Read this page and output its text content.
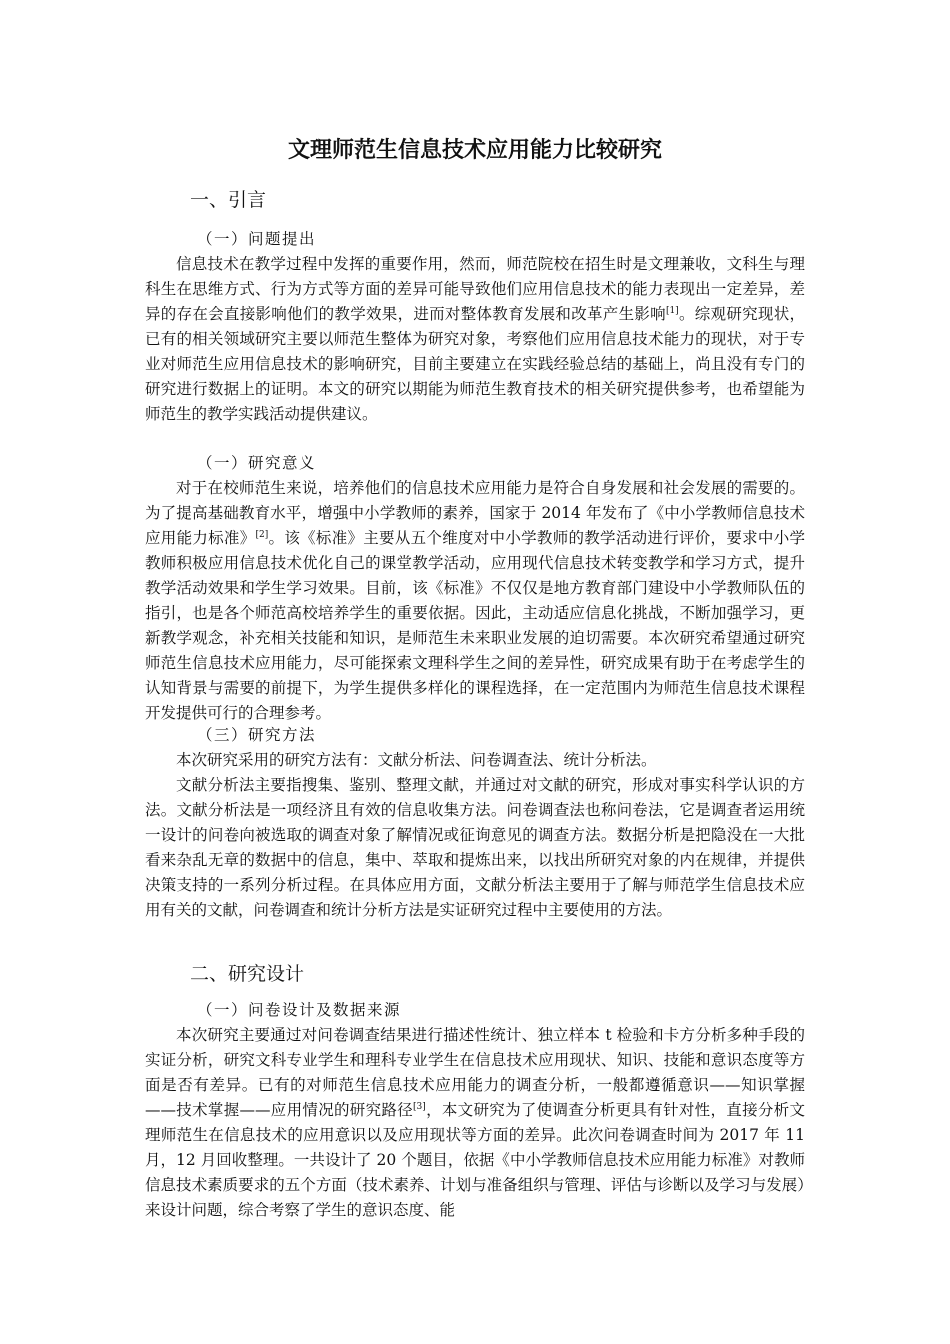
文理师范生信息技术应用能力比较研究
一、引言
（一）问题提出
信息技术在教学过程中发挥的重要作用，然而，师范院校在招生时是文理兼收，文科生与理科生在思维方式、行为方式等方面的差异可能导致他们应用信息技术的能力表现出一定差异，差异的存在会直接影响他们的教学效果，进而对整体教育发展和改革产生影响[1]。综观研究现状，已有的相关领域研究主要以师范生整体为研究对象，考察他们应用信息技术能力的现状，对于专业对师范生应用信息技术的影响研究，目前主要建立在实践经验总结的基础上，尚且没有专门的研究进行数据上的证明。本文的研究以期能为师范生教育技术的相关研究提供参考，也希望能为师范生的教学实践活动提供建议。
（一）研究意义
对于在校师范生来说，培养他们的信息技术应用能力是符合自身发展和社会发展的需要的。为了提高基础教育水平，增强中小学教师的素养，国家于 2014 年发布了《中小学教师信息技术应用能力标准》[2]。该《标准》主要从五个维度对中小学教师的教学活动进行评价，要求中小学教师积极应用信息技术优化自己的课堂教学活动，应用现代信息技术转变教学和学习方式，提升教学活动效果和学生学习效果。目前，该《标准》不仅仅是地方教育部门建设中小学教师队伍的指引，也是各个师范高校培养学生的重要依据。因此，主动适应信息化挑战，不断加强学习，更新教学观念，补充相关技能和知识，是师范生未来职业发展的迫切需要。本次研究希望通过研究师范生信息技术应用能力，尽可能探索文理科学生之间的差异性，研究成果有助于在考虑学生的认知背景与需要的前提下，为学生提供多样化的课程选择，在一定范围内为师范生信息技术课程开发提供可行的合理参考。
（三）研究方法
本次研究采用的研究方法有：文献分析法、问卷调查法、统计分析法。
文献分析法主要指搜集、鉴别、整理文献，并通过对文献的研究，形成对事实科学认识的方法。文献分析法是一项经济且有效的信息收集方法。问卷调查法也称问卷法，它是调查者运用统一设计的问卷向被选取的调查对象了解情况或征询意见的调查方法。数据分析是把隐没在一大批看来杂乱无章的数据中的信息，集中、萃取和提炼出来，以找出所研究对象的内在规律，并提供决策支持的一系列分析过程。在具体应用方面，文献分析法主要用于了解与师范学生信息技术应用有关的文献，问卷调查和统计分析方法是实证研究过程中主要使用的方法。
二、研究设计
（一）问卷设计及数据来源
本次研究主要通过对问卷调查结果进行描述性统计、独立样本 t 检验和卡方分析多种手段的实证分析，研究文科专业学生和理科专业学生在信息技术应用现状、知识、技能和意识态度等方面是否有差异。已有的对师范生信息技术应用能力的调查分析，一般都遵循意识——知识掌握——技术掌握——应用情况的研究路径[3]，本文研究为了使调查分析更具有针对性，直接分析文理师范生在信息技术的应用意识以及应用现状等方面的差异。此次问卷调查时间为 2017 年 11 月，12 月回收整理。一共设计了 20 个题目，依据《中小学教师信息技术应用能力标准》对教师信息技术素质要求的五个方面（技术素养、计划与准备组织与管理、评估与诊断以及学习与发展）来设计问题，综合考察了学生的意识态度、能
